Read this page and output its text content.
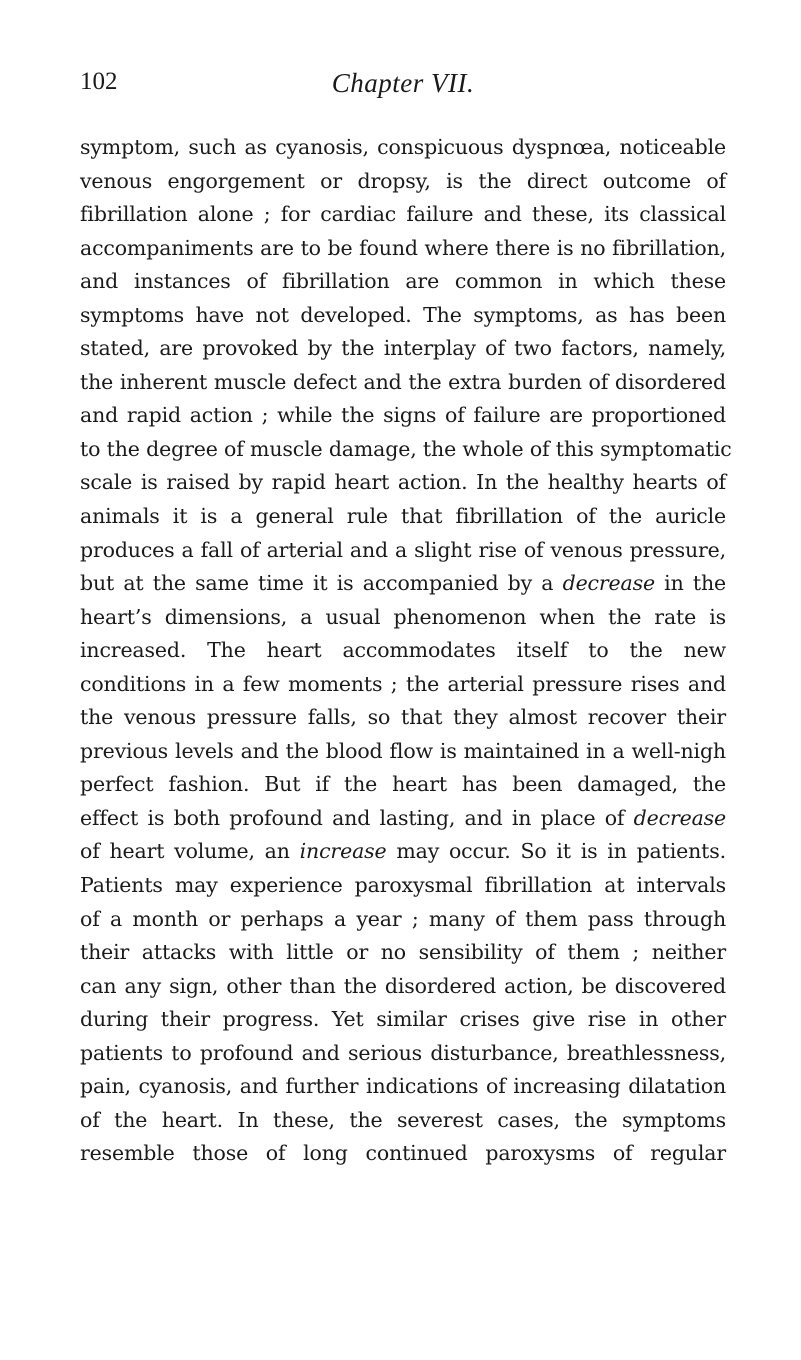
102	Chapter VII.
symptom, such as cyanosis, conspicuous dyspnœa, noticeable
venous engorgement or dropsy, is the direct outcome of
fibrillation alone ; for cardiac failure and these, its classical
accompaniments are to be found where there is no fibrillation,
and instances of fibrillation are common in which these
symptoms have not developed. The symptoms, as has been
stated, are provoked by the interplay of two factors, namely,
the inherent muscle defect and the extra burden of disordered
and rapid action ; while the signs of failure are proportioned
to the degree of muscle damage, the whole of this symptomatic
scale is raised by rapid heart action. In the healthy hearts of
animals it is a general rule that fibrillation of the auricle
produces a fall of arterial and a slight rise of venous pressure,
but at the same time it is accompanied by a decrease in the
heart’s dimensions, a usual phenomenon when the rate is
increased. The heart accommodates itself to the new
conditions in a few moments ; the arterial pressure rises and
the venous pressure falls, so that they almost recover their
previous levels and the blood flow is maintained in a well-nigh
perfect fashion. But if the heart has been damaged, the
effect is both profound and lasting, and in place of decrease
of heart volume, an increase may occur. So it is in patients.
Patients may experience paroxysmal fibrillation at intervals
of a month or perhaps a year ; many of them pass through
their attacks with little or no sensibility of them ; neither
can any sign, other than the disordered action, be discovered
during their progress. Yet similar crises give rise in other
patients to profound and serious disturbance, breathlessness,
pain, cyanosis, and further indications of increasing dilatation
of the heart. In these, the severest cases, the symptoms
resemble those of long continued paroxysms of regular
